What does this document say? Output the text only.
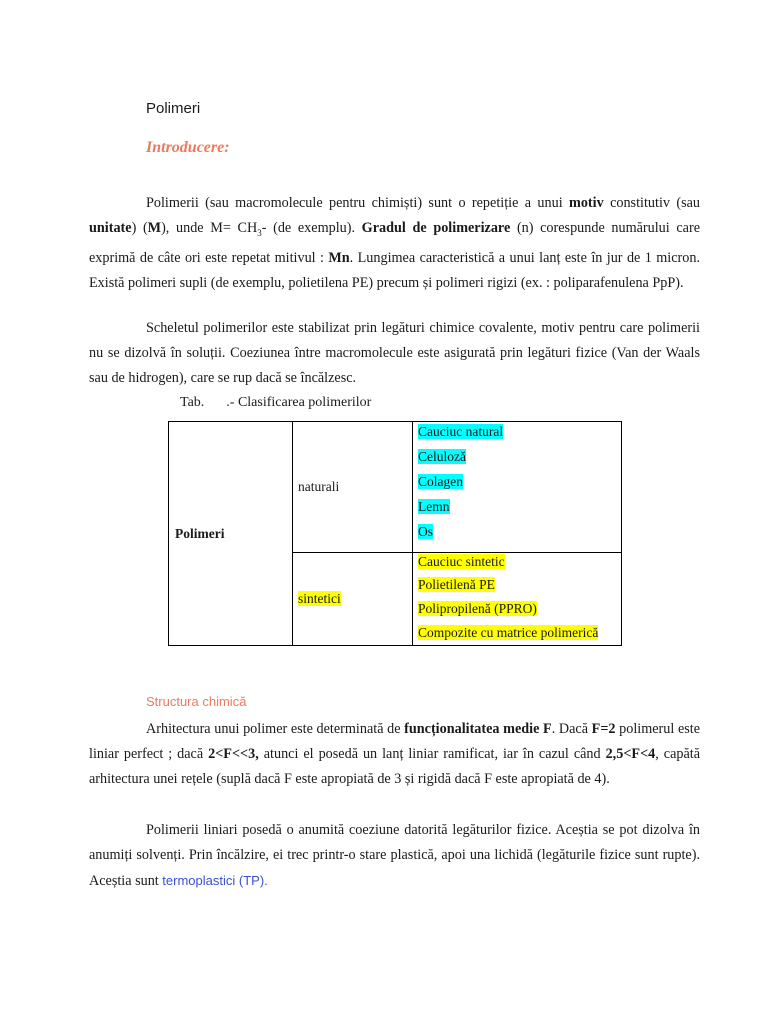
Polimeri
Introducere:

Polimerii (sau macromolecule pentru chimiști) sunt o repetiție a unui motiv constitutiv (sau unitate) (M), unde $M= CH_3-$ (de exemplu). Gradul de polimerizare (n) corespunde numărului care exprimă de câte ori este repetat mitivul : Mn. Lungimea caracteristică a unui lanț este în jur de 1 micron. Există polimeri supli (de exemplu, polietilena PE) precum și polimeri rigizi (ex. : poliparafenulena PpP).

Scheletul polimerilor este stabilizat prin legături chimice covalente, motiv pentru care polimerii nu se dizolvă în soluții. Coeziunea între macromolecule este asigurată prin legături fizice (Van der Waals sau de hidrogen), care se rup dacă se încălzesc.

Tab. .- Clasificarea polimerilor
Polimeri	naturali	Cauciuc natural
Celuloză
Colagen
Lemn
Os

	sintetici	Cauciuc sintetic
Polietilenă PE
Polipropilenă (PPRO)
Compozite cu matrice polimerică
Structura chimică

Arhitectura unui polimer este determinată de funcționalitatea medie F. Dacă F=2 polimerul este liniar perfect ; dacă 2<F<<3, atunci el posedă un lanț liniar ramificat, iar în cazul când 2,5<F<4, capătă arhitectura unei rețele (suplă dacă F este apropiată de 3 și rigidă dacă F este apropiată de 4).

Polimerii liniari posedă o anumită coeziune datorită legăturilor fizice. Aceștia se pot dizolva în anumiți solvenți. Prin încălzire, ei trec printr-o stare plastică, apoi una lichidă (legăturile fizice sunt rupte). Aceștia sunt termoplastici (TP).
